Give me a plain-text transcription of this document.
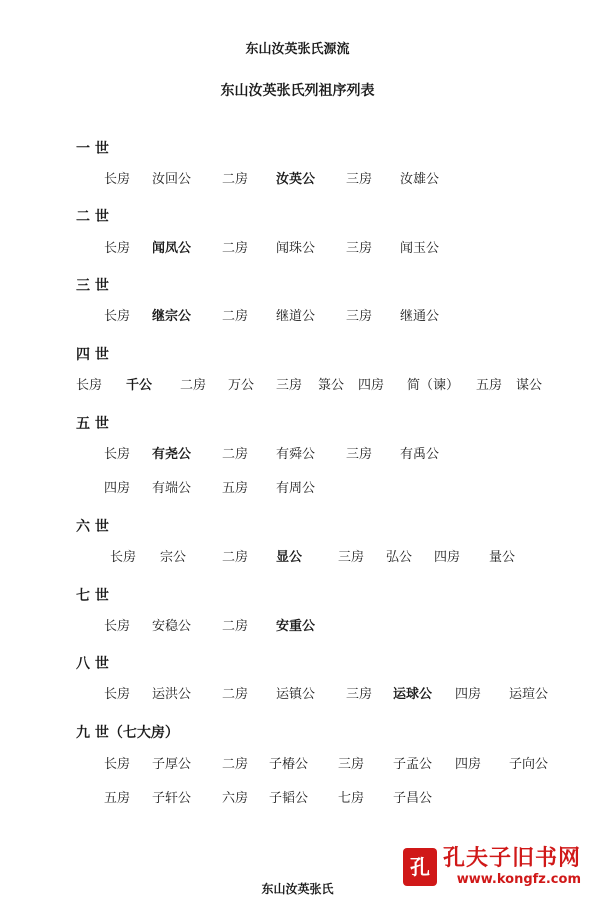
东山汝英张氏源流
东山汝英张氏列祖序列表
一 世
长房 汝回公 二房 汝英公 三房 汝雄公
二 世
长房 闻凤公 二房 闻珠公 三房 闻玉公
三 世
长房 继宗公 二房 继道公 三房 继通公
四 世
长房 千公 二房 万公 三房 箓公 四房 简（谏） 五房 谋公
五 世
长房 有尧公 二房 有舜公 三房 有禹公
四房 有端公 五房 有周公
六 世
长房 宗公	二房 显公	三房 弘公 四房 量公
七 世
长房 安稳公 二房 安重公
八 世
长房 运洪公 二房 运镇公 三房 运球公 四房 运瑄公
九 世（七大房）
长房 子厚公 二房 子椿公 三房 子孟公 四房 子向公
五房 子轩公 六房 子韬公 七房 子昌公
孔 孔夫子旧书网
www.kongfz.com
东山汝英张氏
